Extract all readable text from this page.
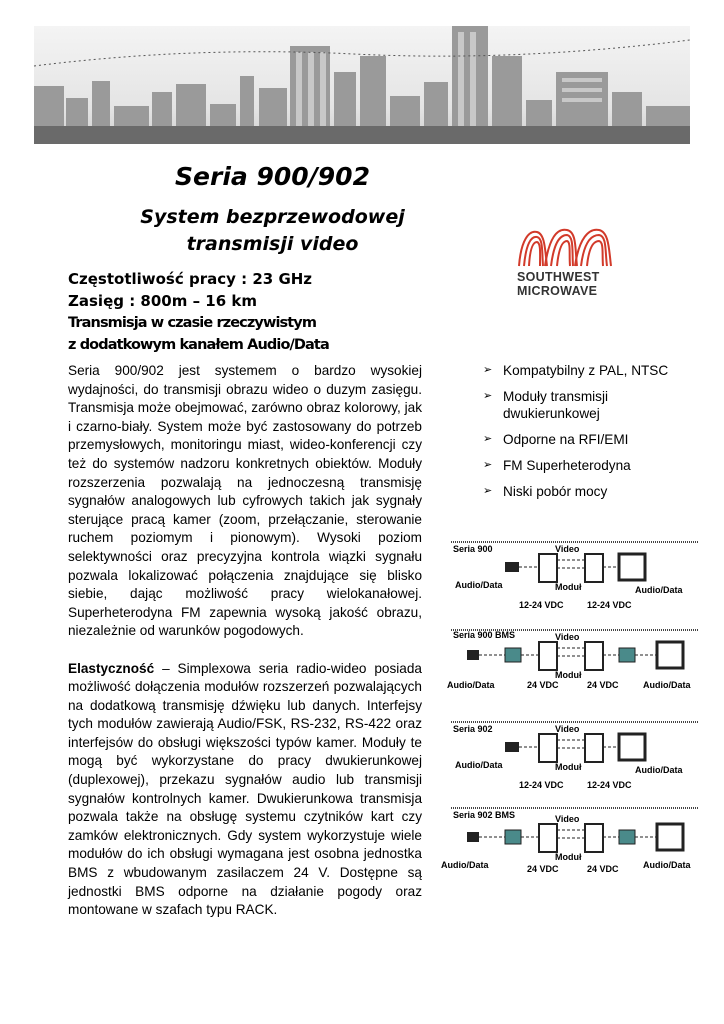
Seria 900/902
System bezprzewodowej
transmisji video
SOUTHWEST
MICROWAVE
Częstotliwość pracy : 23 GHz
Zasięg : 800m – 16 km
Transmisja w czasie rzeczywistym
z dodatkowym kanałem Audio/Data

Seria 900/902 jest systemem o bardzo wysokiej wydajności, do transmisji obrazu wideo o duzym zasięgu. Transmisja może obejmować, zarówno obraz kolorowy, jak i czarno-biały. System może być zastosowany do potrzeb przemysłowych, monitoringu miast, wideo-konferencji czy też do systemów nadzoru konkretnych obiektów. Moduły rozszerzenia pozwalają na jednoczesną transmisję sygnałów analogowych lub cyfrowych takich jak sygnały sterujące pracą kamer (zoom, przełączanie, sterowanie ruchem poziomym i pionowym). Wysoki poziom selektywności oraz precyzyjna kontrola wiązki sygnału pozwala lokalizować połączenia znajdujące się blisko siebie, dając możliwość pracy wielokanałowej. Superheterodyna FM zapewnia wysoką jakość obrazu, niezależnie od warunków pogodowych.

Elastyczność – Simplexowa seria radio-wideo posiada możliwość dołączenia modułów rozszerzeń pozwalających na dodatkową transmisję dźwięku lub danych. Interfejsy tych modułów zawierają Audio/FSK, RS-232, RS-422 oraz interfejsów do obsługi większości typów kamer. Moduły te mogą być wykorzystane do pracy dwukierunkowej (duplexowej), przekazu sygnałów audio lub transmisji sygnałów kontrolnych kamer. Dwukierunkowa transmisja pozwala także na obsługę systemu czytników kart czy zamków elektronicznych. Gdy system wykorzystuje wiele modułów do ich obsługi wymagana jest osobna jednostka BMS z wbudowanym zasilaczem 24 V. Dostępne są jednostki BMS odporne na działanie pogody oraz montowane w szafach typu RACK.

➢ Kompatybilny z PAL, NTSC
➢ Moduły transmisji dwukierunkowej
➢ Odporne na RFI/EMI
➢ FM Superheterodyna
➢ Niski pobór mocy
Seria 900	Video
Moduł
Audio/Data	Audio/Data
12-24 VDC	12-24 VDC
Seria 900 BMS	Video
Moduł
Audio/Data	Audio/Data
24 VDC	24 VDC
Seria 902	Video
Moduł
Audio/Data	Audio/Data
12-24 VDC	12-24 VDC
Seria 902 BMS	Video
Moduł
Audio/Data	Audio/Data
24 VDC	24 VDC
